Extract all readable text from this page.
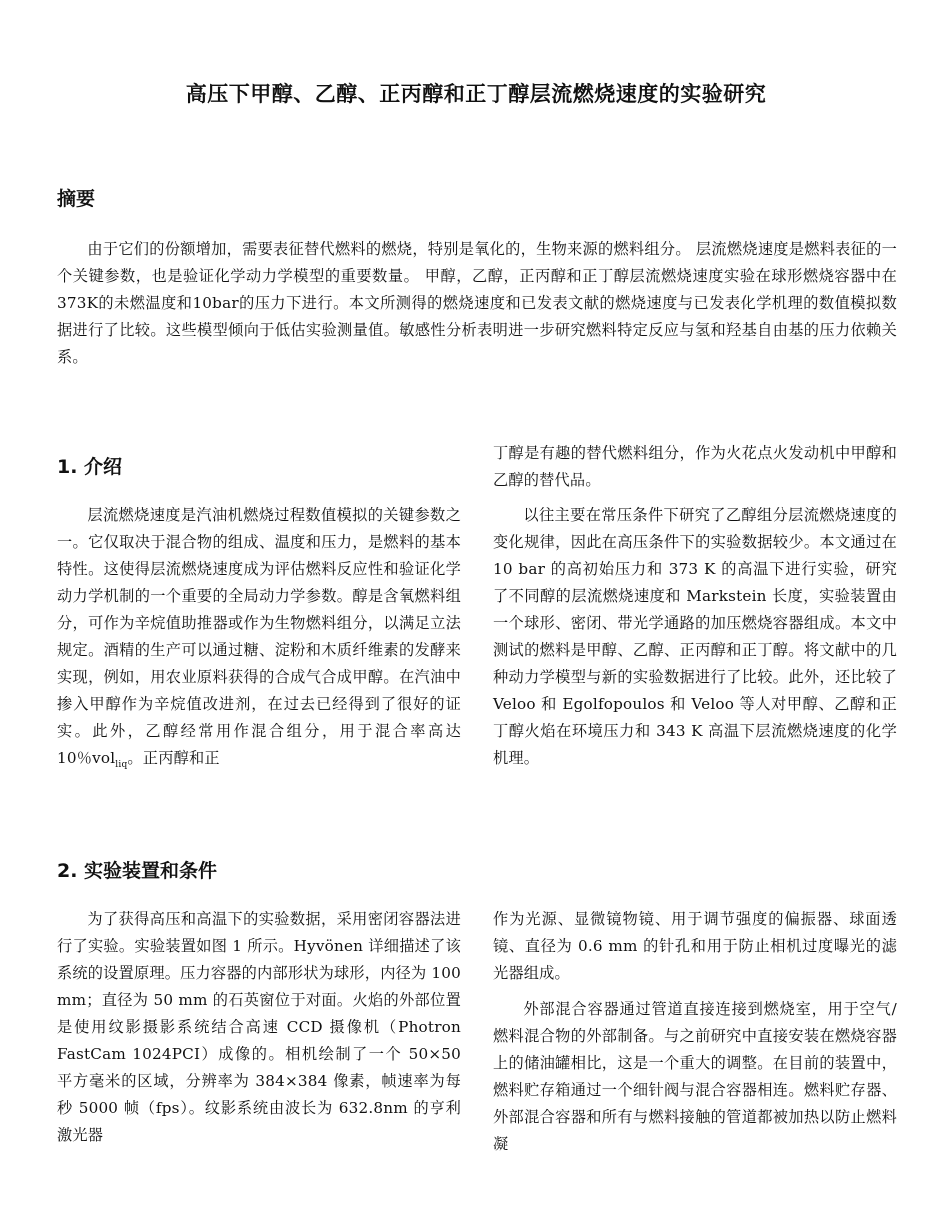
高压下甲醇、乙醇、正丙醇和正丁醇层流燃烧速度的实验研究
摘要

由于它们的份额增加，需要表征替代燃料的燃烧，特别是氧化的，生物来源的燃料组分。 层流燃烧速度是燃料表征的一个关键参数，也是验证化学动力学模型的重要数量。 甲醇，乙醇，正丙醇和正丁醇层流燃烧速度实验在球形燃烧容器中在373K的未燃温度和10bar的压力下进行。本文所测得的燃烧速度和已发表文献的燃烧速度与已发表化学机理的数值模拟数据进行了比较。这些模型倾向于低估实验测量值。敏感性分析表明进一步研究燃料特定反应与氢和羟基自由基的压力依赖关系。

1. 介绍

层流燃烧速度是汽油机燃烧过程数值模拟的关键参数之一。它仅取决于混合物的组成、温度和压力，是燃料的基本特性。这使得层流燃烧速度成为评估燃料反应性和验证化学动力学机制的一个重要的全局动力学参数。醇是含氧燃料组分，可作为辛烷值助推器或作为生物燃料组分，以满足立法规定。酒精的生产可以通过糖、淀粉和木质纤维素的发酵来实现，例如，用农业原料获得的合成气合成甲醇。在汽油中掺入甲醇作为辛烷值改进剂，在过去已经得到了很好的证实。此外，乙醇经常用作混合组分，用于混合率高达 10％vol$_{liq}$。正丙醇和正

丁醇是有趣的替代燃料组分，作为火花点火发动机中甲醇和乙醇的替代品。

以往主要在常压条件下研究了乙醇组分层流燃烧速度的变化规律，因此在高压条件下的实验数据较少。本文通过在 10 bar 的高初始压力和 373 K 的高温下进行实验，研究了不同醇的层流燃烧速度和 Markstein 长度，实验装置由一个球形、密闭、带光学通路的加压燃烧容器组成。本文中测试的燃料是甲醇、乙醇、正丙醇和正丁醇。将文献中的几种动力学模型与新的实验数据进行了比较。此外，还比较了 Veloo 和 Egolfopoulos 和 Veloo 等人对甲醇、乙醇和正丁醇火焰在环境压力和 343 K 高温下层流燃烧速度的化学机理。

2. 实验装置和条件

为了获得高压和高温下的实验数据，采用密闭容器法进行了实验。实验装置如图 1 所示。Hyvönen 详细描述了该系统的设置原理。压力容器的内部形状为球形，内径为 100 mm；直径为 50 mm 的石英窗位于对面。火焰的外部位置是使用纹影摄影系统结合高速 CCD 摄像机（Photron FastCam 1024PCI）成像的。相机绘制了一个 50×50 平方毫米的区域，分辨率为 384×384 像素，帧速率为每秒 5000 帧（fps）。纹影系统由波长为 632.8nm 的亨利激光器

作为光源、显微镜物镜、用于调节强度的偏振器、球面透镜、直径为 0.6 mm 的针孔和用于防止相机过度曝光的滤光器组成。

外部混合容器通过管道直接连接到燃烧室，用于空气/燃料混合物的外部制备。与之前研究中直接安装在燃烧容器上的储油罐相比，这是一个重大的调整。在目前的装置中，燃料贮存箱通过一个细针阀与混合容器相连。燃料贮存器、外部混合容器和所有与燃料接触的管道都被加热以防止燃料凝
